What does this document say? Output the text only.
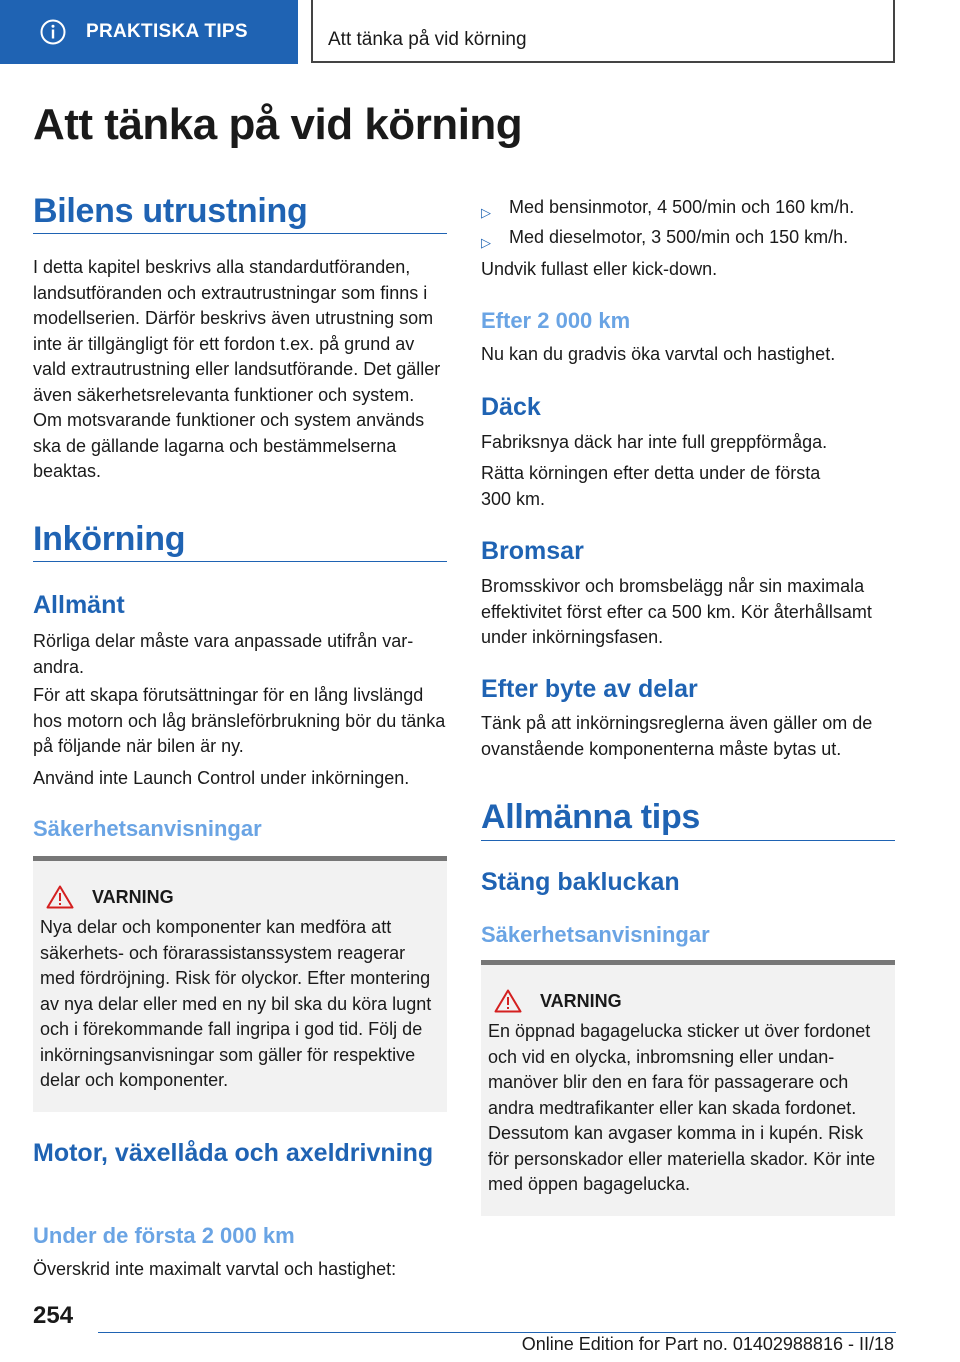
PRAKTISKA TIPS	Att tänka på vid körning
Att tänka på vid körning
Bilens utrustning

I detta kapitel beskrivs alla standardutföranden, landsutföranden och extrautrustningar som finns i modellserien. Därför beskrivs även utrustning som inte är tillgängligt för ett fordon t.ex. på grund av vald extrautrustning eller landsutförande. Det gäller även säkerhetsrelevanta funktioner och system. Om motsvarande funktioner och system används ska de gällande lagarna och bestämmelserna beaktas.

Inkörning
Allmänt

Rörliga delar måste vara anpassade utifrån varandra.

För att skapa förutsättningar för en lång livslängd hos motorn och låg bränsleförbrukning bör du tänka på följande när bilen är ny.

Använd inte Launch Control under inkörningen.

Säkerhetsanvisningar
VARNING
Nya delar och komponenter kan medföra att säkerhets- och förarassistanssystem reagerar med fördröjning. Risk för olyckor. Efter montering av nya delar eller med en ny bil ska du köra lugnt och i förekommande fall ingripa i god tid. Följ de inkörningsanvisningar som gäller för respektive delar och komponenter.
Motor, växellåda och axeldrivning
Under de första 2 000 km

Överskrid inte maximalt varvtal och hastighet:

▷	Med bensinmotor, 4 500/min och 160 km/h.
▷	Med dieselmotor, 3 500/min och 150 km/h.

Undvik fullast eller kick-down.

Efter 2 000 km

Nu kan du gradvis öka varvtal och hastighet.

Däck

Fabriksnya däck har inte full greppförmåga.

Rätta körningen efter detta under de första 300 km.

Bromsar

Bromsskivor och bromsbelägg når sin maximala effektivitet först efter ca 500 km. Kör återhållsamt under inkörningsfasen.

Efter byte av delar

Tänk på att inkörningsreglerna även gäller om de ovanstående komponenterna måste bytas ut.

Allmänna tips
Stäng bakluckan
Säkerhetsanvisningar
VARNING
En öppnad bagagelucka sticker ut över fordonet och vid en olycka, inbromsning eller undanmanöver blir den en fara för passagerare och andra medtrafikanter eller kan skada fordonet. Dessutom kan avgaser komma in i kupén. Risk för personskador eller materiella skador. Kör inte med öppen bagagelucka.
254
Online Edition for Part no. 01402988816 - II/18
